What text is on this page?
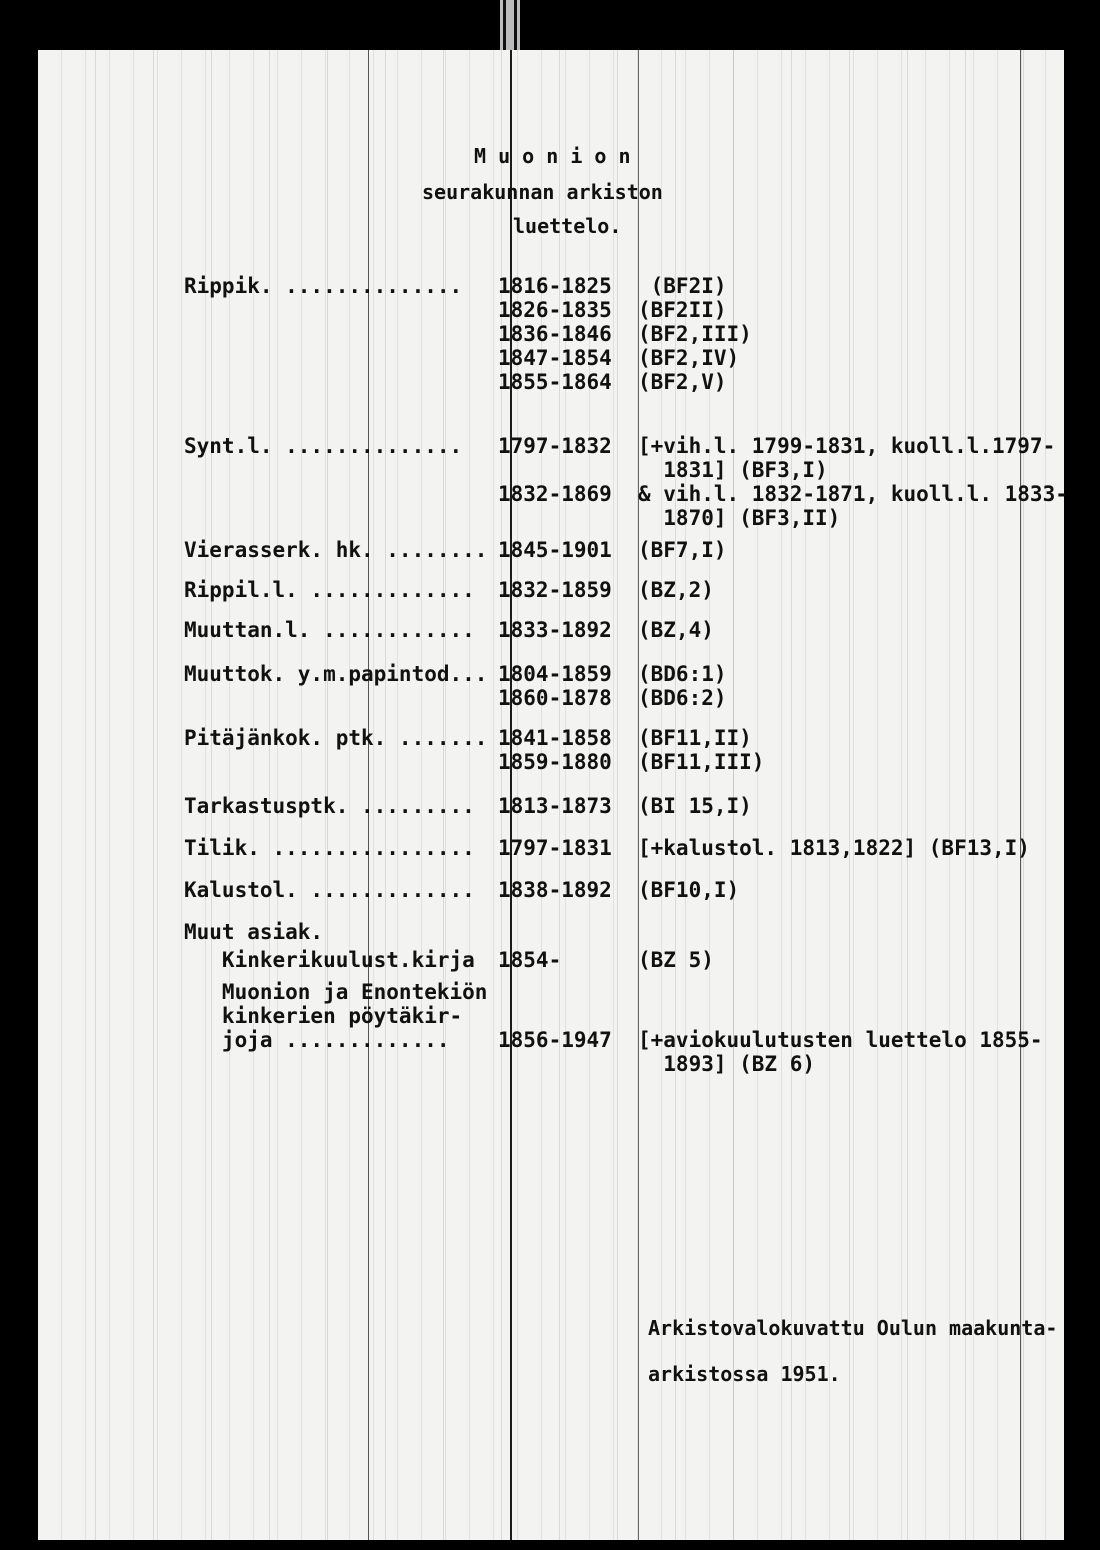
M u o n i o n
seurakunnan arkiston
luettelo.
Rippik. .............. 1816-1825 (BF2I)
1826-1835 (BF2II)
1836-1846 (BF2,III)
1847-1854 (BF2,IV)
1855-1864 (BF2,V)
Synt.l. .............. 1797-1832 [+vih.l. 1799-1831, kuoll.l.1797-
1831] (BF3,I)
1832-1869 & vih.l. 1832-1871, kuoll.l. 1833-
1870] (BF3,II)
Vierasserk. hk. ........ 1845-1901 (BF7,I)
Rippil.l. ............. 1832-1859 (BZ,2)
Muuttan.l. ............ 1833-1892 (BZ,4)
Muuttok. y.m.papintod... 1804-1859 (BD6:1)
1860-1878 (BD6:2)
Pitäjänkok. ptk. ....... 1841-1858 (BF11,II)
1859-1880 (BF11,III)
Tarkastusptk. ......... 1813-1873 (BI 15,I)
Tilik. ................ 1797-1831 [+kalustol. 1813,1822] (BF13,I)
Kalustol. ............. 1838-1892 (BF10,I)
Muut asiak.
Kinkerikuulust.kirja 1854-	(BZ 5)
Muonion ja Enontekiön
kinkerien pöytäkir-
joja ............. 1856-1947 [+aviokuulutusten luettelo 1855-
1893] (BZ 6)
Arkistovalokuvattu Oulun maakunta-
arkistossa 1951.
